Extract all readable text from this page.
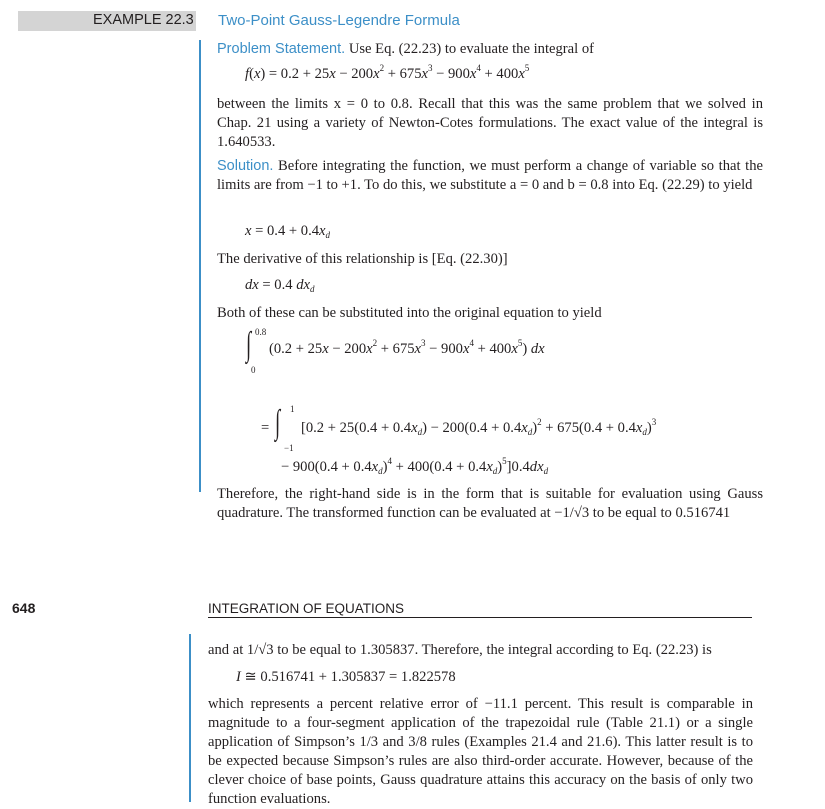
EXAMPLE 22.3 Two-Point Gauss-Legendre Formula
Problem Statement. Use Eq. (22.23) to evaluate the integral of
$f(x) = 0.2 + 25x - 200x^2 + 675x^3 - 900x^4 + 400x^5$
between the limits x = 0 to 0.8. Recall that this was the same problem that we solved in Chap. 21 using a variety of Newton-Cotes formulations. The exact value of the integral is 1.640533.
Solution. Before integrating the function, we must perform a change of variable so that the limits are from −1 to +1. To do this, we substitute a = 0 and b = 0.8 into Eq. (22.29) to yield
$x = 0.4 + 0.4x_d$
The derivative of this relationship is [Eq. (22.30)]
dx = 0.4 $dx_d$
Both of these can be substituted into the original equation to yield
∫ 0.8
0
$(0.2 + 25x - 200x^2 + 675x^3 - 900x^4 + 400x^5)$ dx
= ∫ 1
−1
[$0.2 + 25(0.4 + 0.4x_d) - 200(0.4 + 0.4x_d)^2 + 675(0.4 + 0.4x_d)^3$
− $900(0.4 + 0.4x_d)^4 + 400(0.4 + 0.4x_d)^5]0.4dx_d$
Therefore, the right-hand side is in the form that is suitable for evaluation using Gauss quadrature. The transformed function can be evaluated at −1/√3 to be equal to 0.516741
648	INTEGRATION OF EQUATIONS
and at 1/√3 to be equal to 1.305837. Therefore, the integral according to Eq. (22.23) is
I ≅ 0.516741 + 1.305837 = 1.822578
which represents a percent relative error of −11.1 percent. This result is comparable in magnitude to a four-segment application of the trapezoidal rule (Table 21.1) or a single application of Simpson’s 1/3 and 3/8 rules (Examples 21.4 and 21.6). This latter result is to be expected because Simpson’s rules are also third-order accurate. However, because of the clever choice of base points, Gauss quadrature attains this accuracy on the basis of only two function evaluations.
